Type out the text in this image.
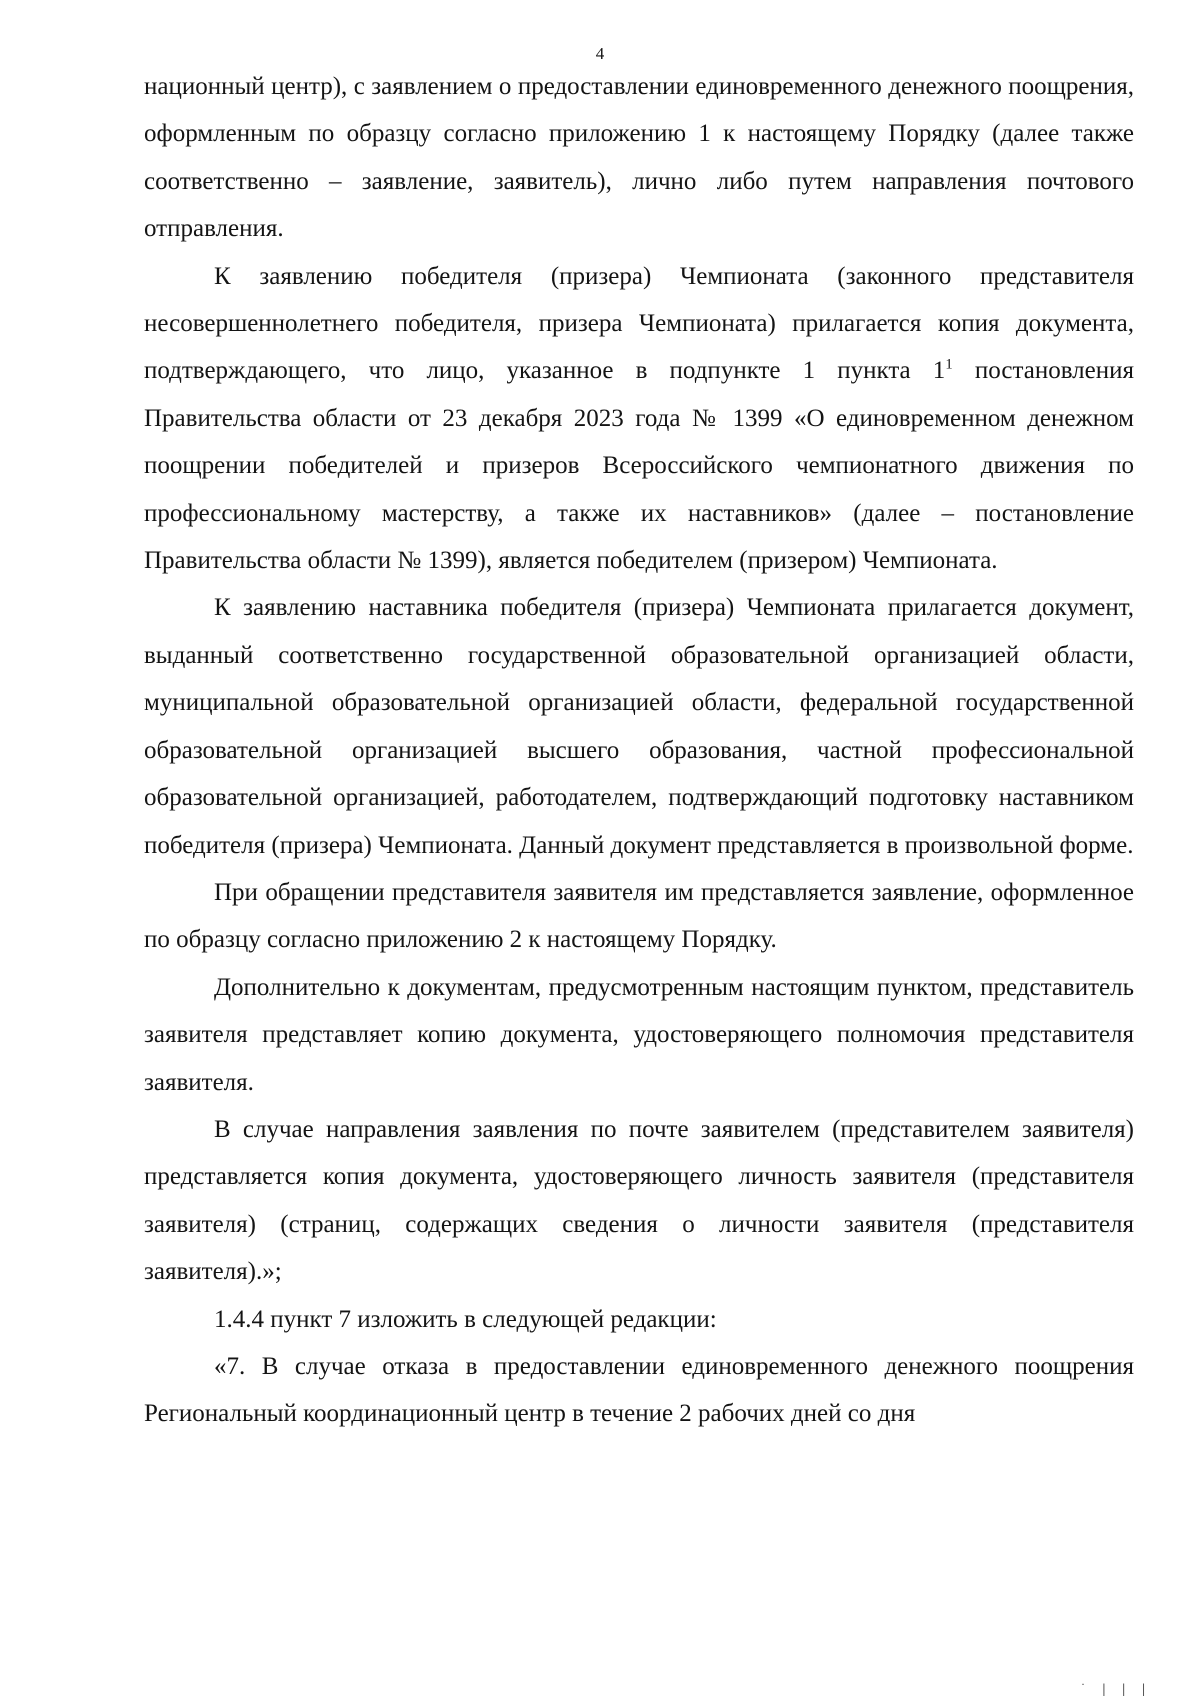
4

национный центр), с заявлением о предоставлении единовременного денежного поощрения, оформленным по образцу согласно приложению 1 к настоящему Порядку (далее также соответственно – заявление, заявитель), лично либо путем направления почтового отправления.

К заявлению победителя (призера) Чемпионата (законного представителя несовершеннолетнего победителя, призера Чемпионата) прилагается копия документа, подтверждающего, что лицо, указанное в подпункте 1 пункта $1^1$ постановления Правительства области от 23 декабря 2023 года № 1399 «О единовременном денежном поощрении победителей и призеров Всероссийского чемпионатного движения по профессиональному мастерству, а также их наставников» (далее – постановление Правительства области № 1399), является победителем (призером) Чемпионата.

К заявлению наставника победителя (призера) Чемпионата прилагается документ, выданный соответственно государственной образовательной организацией области, муниципальной образовательной организацией области, федеральной государственной образовательной организацией высшего образования, частной профессиональной образовательной организацией, работодателем, подтверждающий подготовку наставником победителя (призера) Чемпионата. Данный документ представляется в произвольной форме.

При обращении представителя заявителя им представляется заявление, оформленное по образцу согласно приложению 2 к настоящему Порядку.

Дополнительно к документам, предусмотренным настоящим пунктом, представитель заявителя представляет копию документа, удостоверяющего полномочия представителя заявителя.

В случае направления заявления по почте заявителем (представителем заявителя) представляется копия документа, удостоверяющего личность заявителя (представителя заявителя) (страниц, содержащих сведения о личности заявителя (представителя заявителя).»;

1.4.4 пункт 7 изложить в следующей редакции:

«7. В случае отказа в предоставлении единовременного денежного поощрения Региональный координационный центр в течение 2 рабочих дней со дня

˙ | | |
